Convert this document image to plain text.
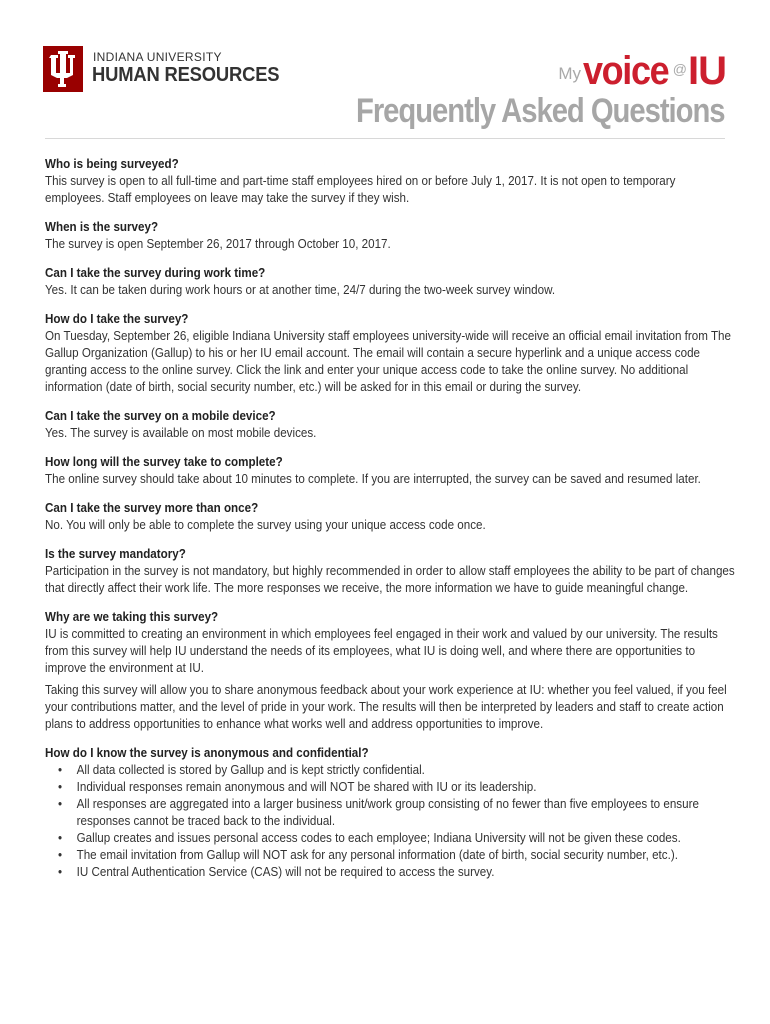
INDIANA UNIVERSITY
HUMAN RESOURCES	My voice @ IU
Frequently Asked Questions
Who is being surveyed?

This survey is open to all full-time and part-time staff employees hired on or before July 1, 2017. It is not open to temporary employees. Staff employees on leave may take the survey if they wish.

When is the survey?

The survey is open September 26, 2017 through October 10, 2017.

Can I take the survey during work time?

Yes. It can be taken during work hours or at another time, 24/7 during the two-week survey window.

How do I take the survey?

On Tuesday, September 26, eligible Indiana University staff employees university-wide will receive an official email invitation from The Gallup Organization (Gallup) to his or her IU email account. The email will contain a secure hyperlink and a unique access code granting access to the online survey. Click the link and enter your unique access code to take the online survey. No additional information (date of birth, social security number, etc.) will be asked for in this email or during the survey.

Can I take the survey on a mobile device?

Yes. The survey is available on most mobile devices.

How long will the survey take to complete?

The online survey should take about 10 minutes to complete. If you are interrupted, the survey can be saved and resumed later.

Can I take the survey more than once?

No. You will only be able to complete the survey using your unique access code once.

Is the survey mandatory?

Participation in the survey is not mandatory, but highly recommended in order to allow staff employees the ability to be part of changes that directly affect their work life. The more responses we receive, the more information we have to guide meaningful change.

Why are we taking this survey?

IU is committed to creating an environment in which employees feel engaged in their work and valued by our university. The results from this survey will help IU understand the needs of its employees, what IU is doing well, and where there are opportunities to improve the environment at IU.

Taking this survey will allow you to share anonymous feedback about your work experience at IU: whether you feel valued, if you feel your contributions matter, and the level of pride in your work. The results will then be interpreted by leaders and staff to create action plans to address opportunities to enhance what works well and address opportunities to improve.

How do I know the survey is anonymous and confidential?
• All data collected is stored by Gallup and is kept strictly confidential.
• Individual responses remain anonymous and will NOT be shared with IU or its leadership.
• All responses are aggregated into a larger business unit/work group consisting of no fewer than five employees to ensure responses cannot be traced back to the individual.
• Gallup creates and issues personal access codes to each employee; Indiana University will not be given these codes.
• The email invitation from Gallup will NOT ask for any personal information (date of birth, social security number, etc.).
• IU Central Authentication Service (CAS) will not be required to access the survey.
